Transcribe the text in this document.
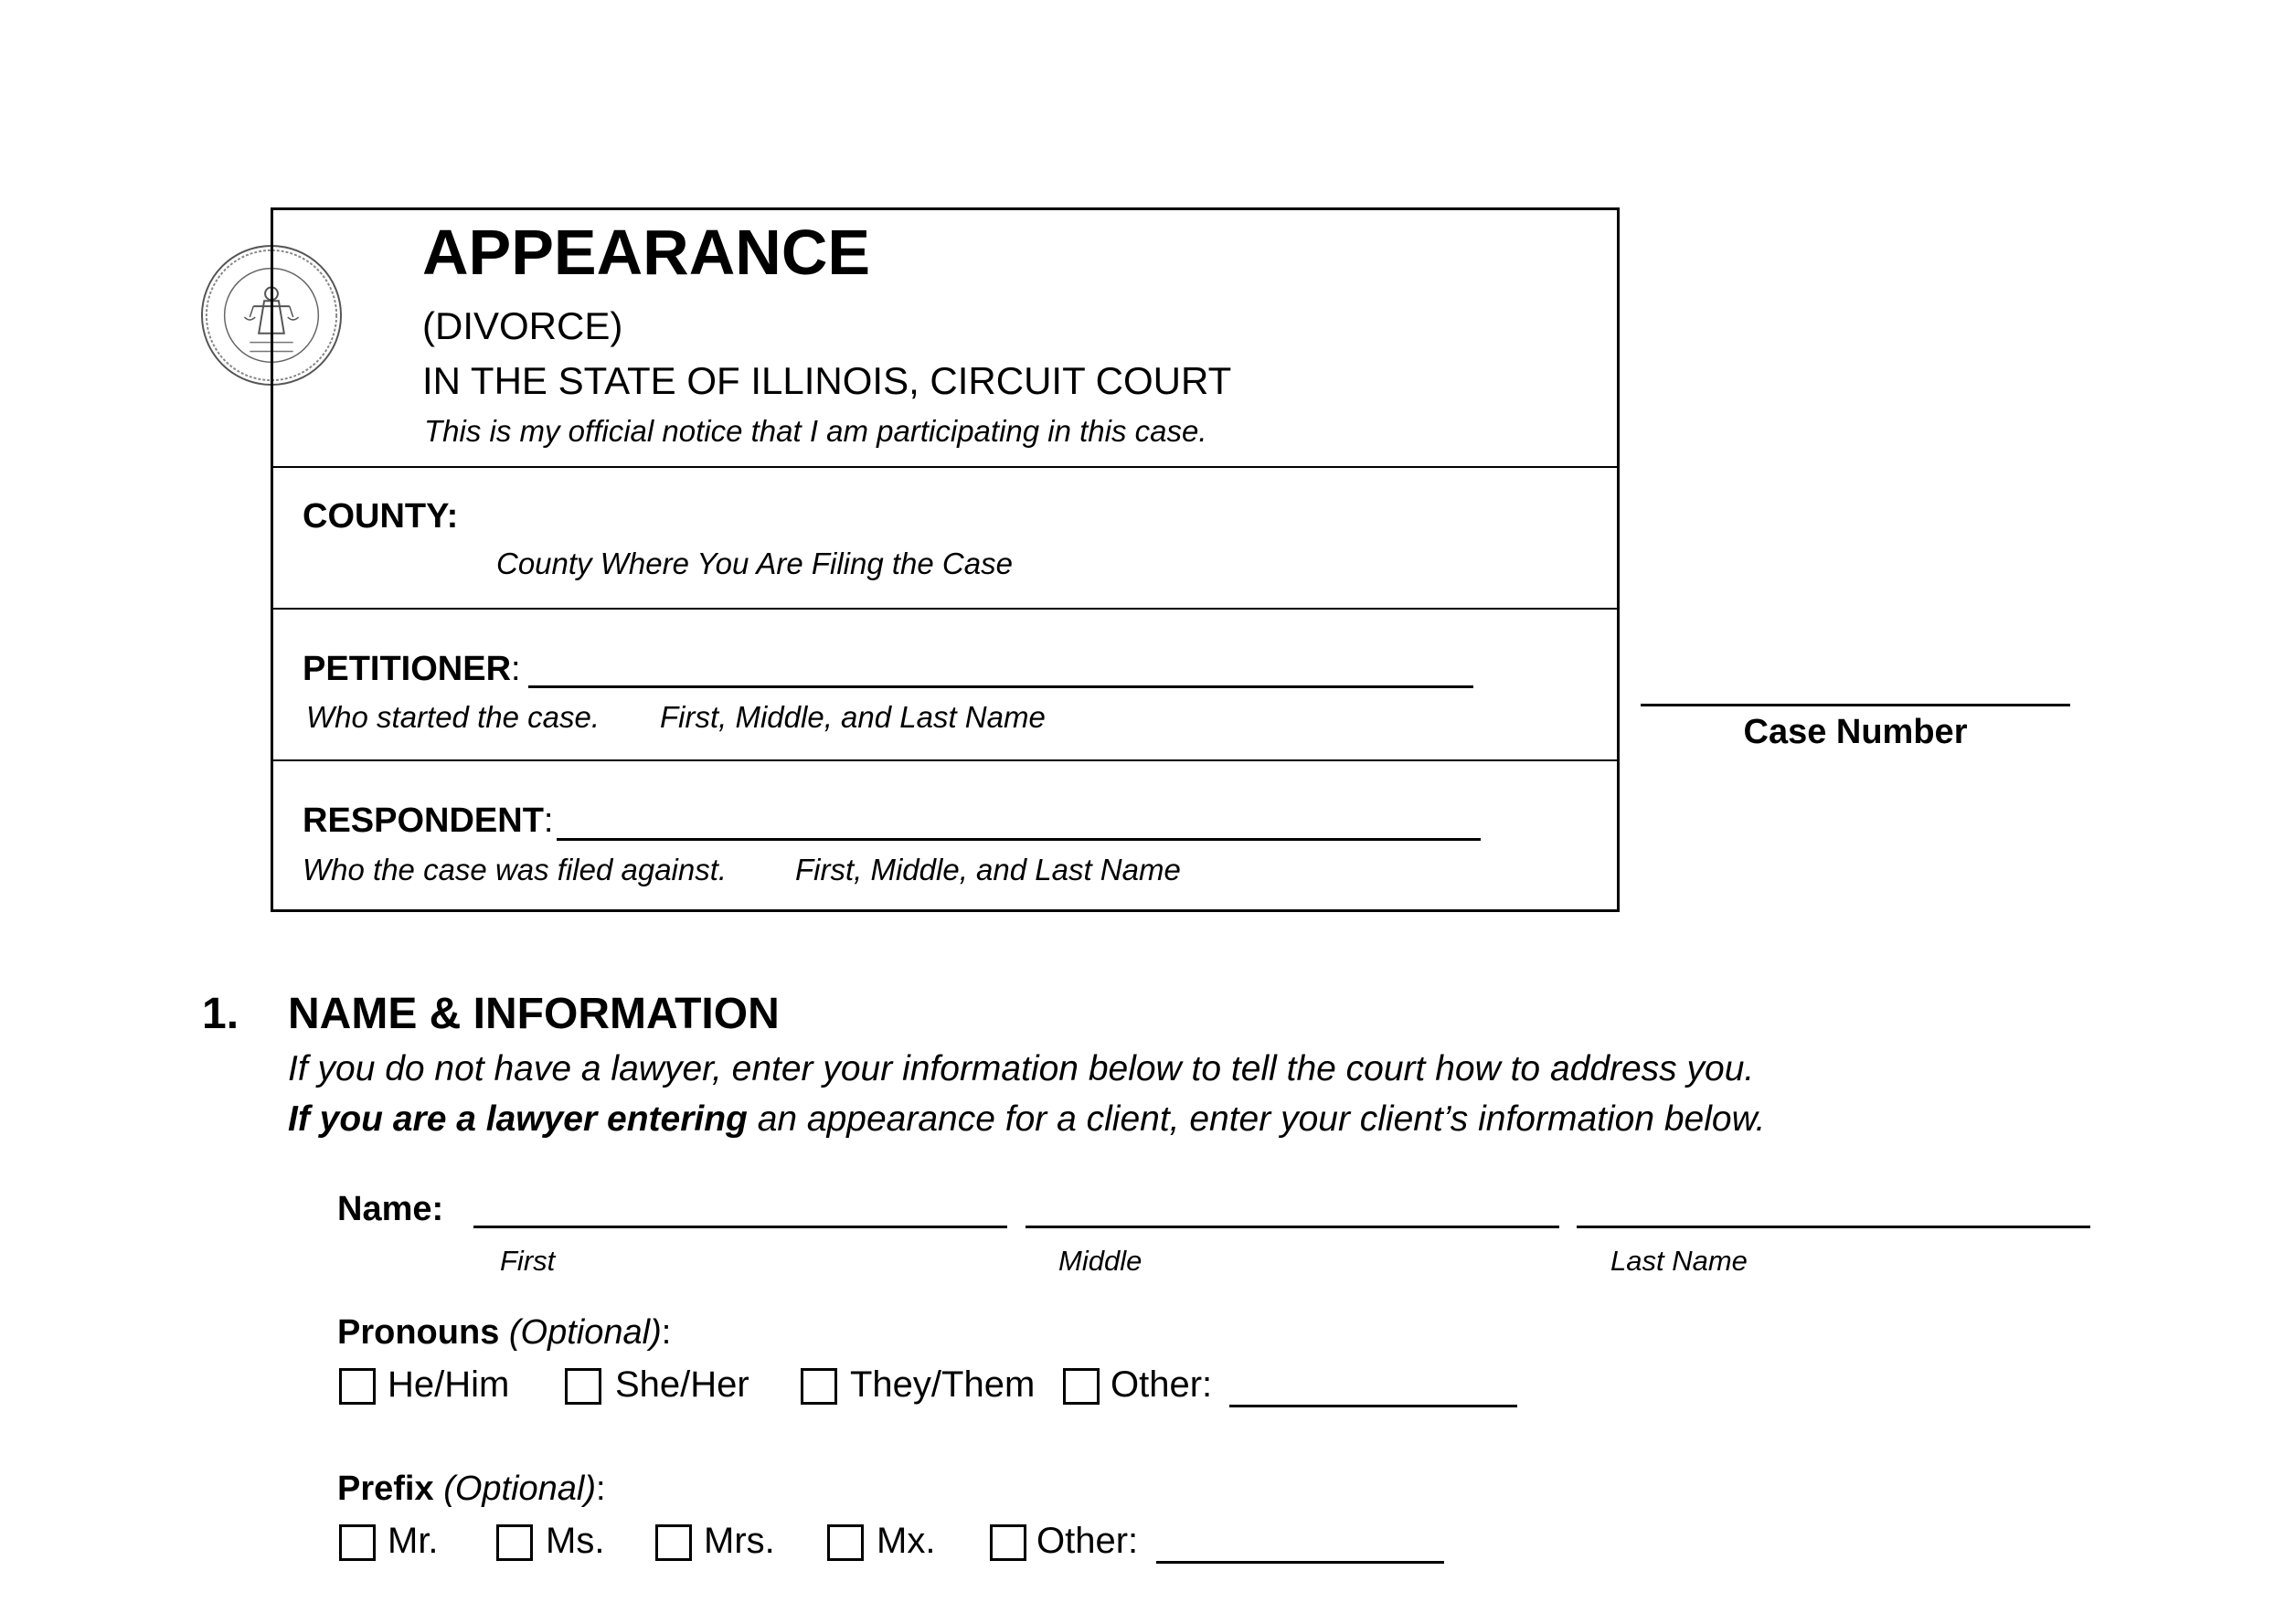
APPEARANCE
(DIVORCE)
IN THE STATE OF ILLINOIS, CIRCUIT COURT
This is my official notice that I am participating in this case.
COUNTY:
County Where You Are Filing the Case
PETITIONER:
Who started the case. First, Middle, and Last Name
RESPONDENT:
Who the case was filed against. First, Middle, and Last Name
Case Number
1. NAME & INFORMATION
If you do not have a lawyer, enter your information below to tell the court how to address you.
If you are a lawyer entering an appearance for a client, enter your client’s information below.
Name:
First	Middle	Last Name
Pronouns (Optional):
He/Him	She/Her	They/Them Other:
Prefix (Optional):
Mr.	Ms.	Mrs.	Mx.	Other:
